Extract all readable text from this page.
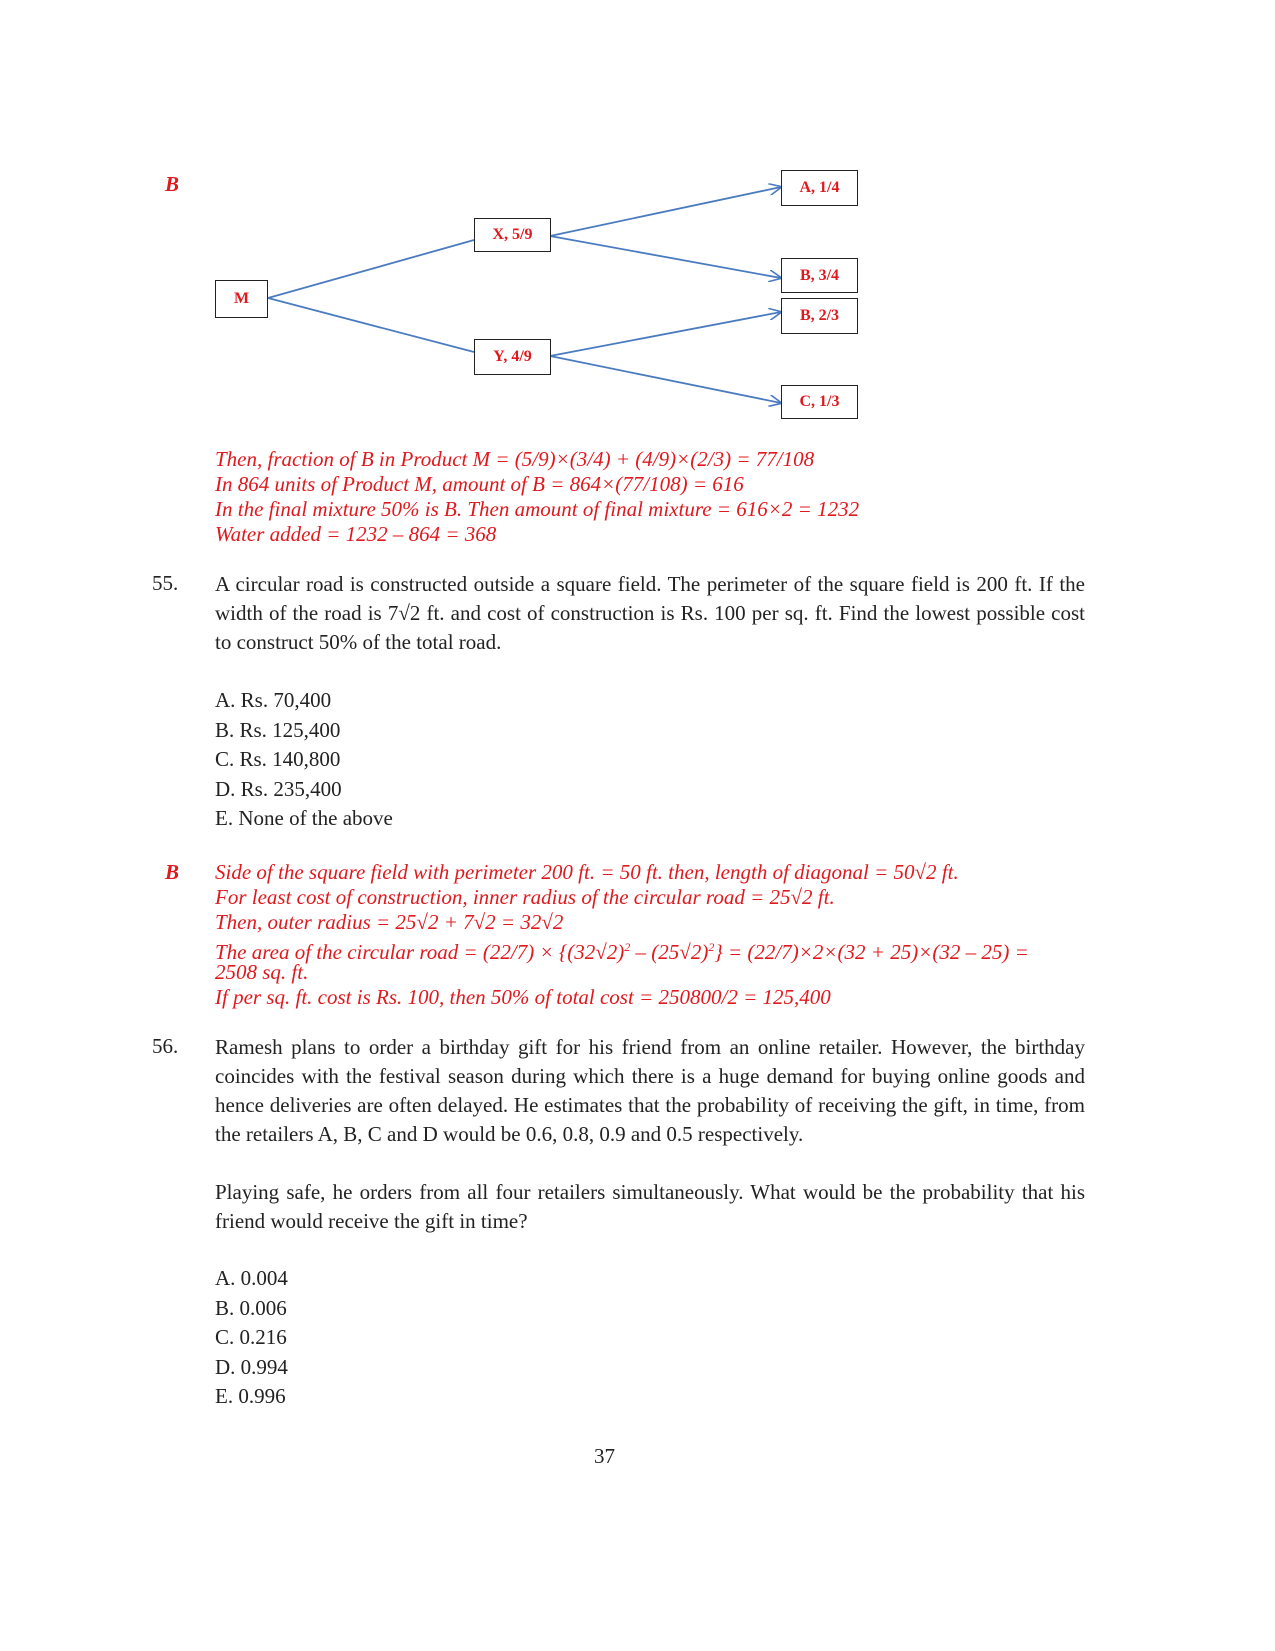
B
M
X, 5/9
Y, 4/9
A, 1/4
B, 3/4
B, 2/3
C, 1/3
Then, fraction of B in Product M = (5/9)×(3/4) + (4/9)×(2/3) = 77/108
In 864 units of Product M, amount of B = 864×(77/108) = 616
In the final mixture 50% is B. Then amount of final mixture = 616×2 = 1232
Water added = 1232 – 864 = 368
55. A circular road is constructed outside a square field. The perimeter of the square field is 200 ft. If the width of the road is 7√2 ft. and cost of construction is Rs. 100 per sq. ft. Find the lowest possible cost to construct 50% of the total road.
A. Rs. 70,400
B. Rs. 125,400
C. Rs. 140,800
D. Rs. 235,400
E. None of the above
B Side of the square field with perimeter 200 ft. = 50 ft. then, length of diagonal = 50√2 ft.
For least cost of construction, inner radius of the circular road = 25√2 ft.
Then, outer radius = 25√2 + 7√2 = 32√2
The area of the circular road = $(22/7) \times \{(32√2)^2 - (25√2)^2\} = (22/7)\times 2\times(32 + 25)\times(32 - 25)$ =
2508 sq. ft.
If per sq. ft. cost is Rs. 100, then 50% of total cost = 250800/2 = 125,400
56. Ramesh plans to order a birthday gift for his friend from an online retailer. However, the birthday coincides with the festival season during which there is a huge demand for buying online goods and hence deliveries are often delayed. He estimates that the probability of receiving the gift, in time, from the retailers A, B, C and D would be 0.6, 0.8, 0.9 and 0.5 respectively.
Playing safe, he orders from all four retailers simultaneously. What would be the probability that his friend would receive the gift in time?
A. 0.004
B. 0.006
C. 0.216
D. 0.994
E. 0.996
37
